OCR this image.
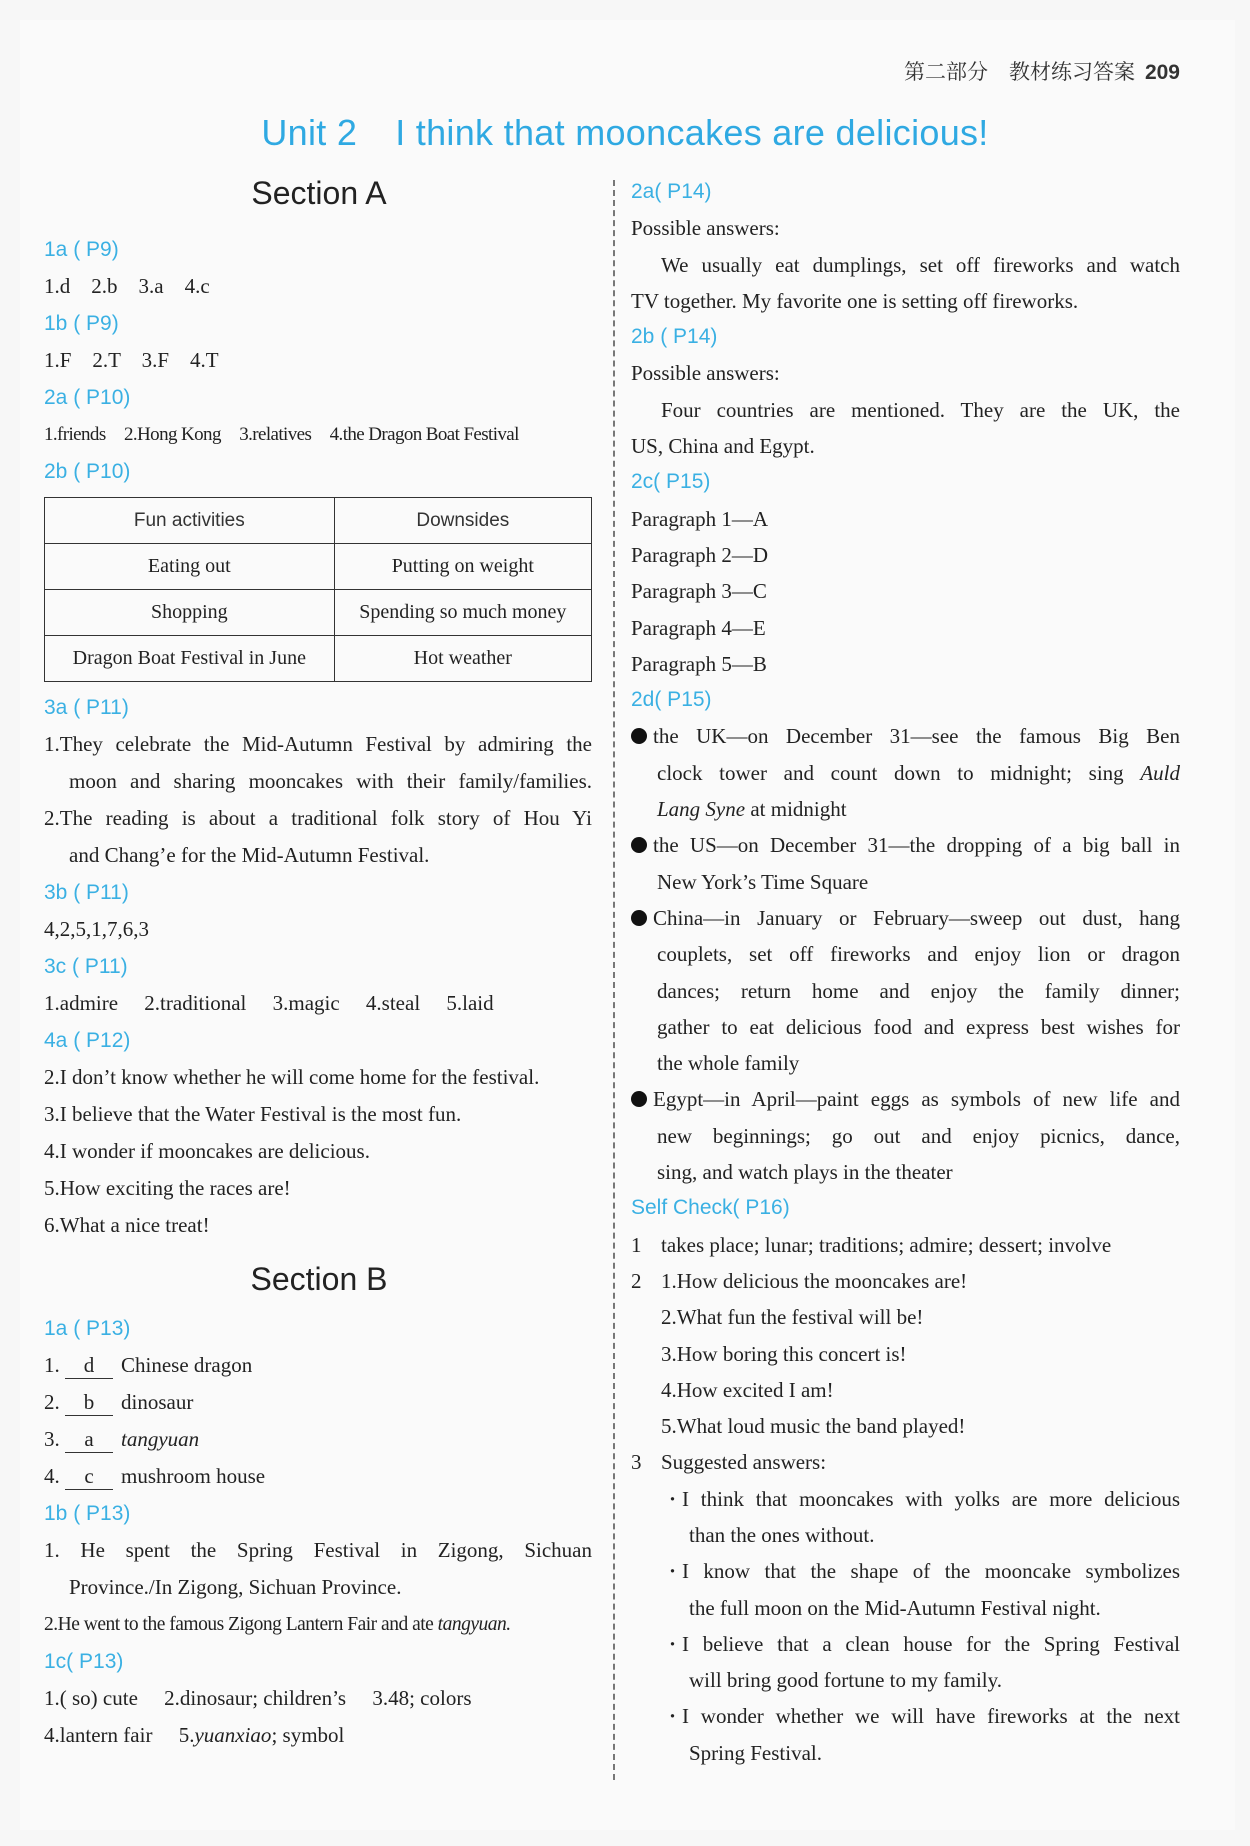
第二部分　教材练习答案 209
Unit 2 I think that mooncakes are delicious!
Section A
1a ( P9)
1.d　2.b　3.a　4.c
1b ( P9)
1.F　2.T　3.F　4.T
2a ( P10)
1.friends　2.Hong Kong　3.relatives　4.the Dragon Boat Festival
2b ( P10)
Fun activities	Downsides
Eating out	Putting on weight
Shopping	Spending so much money
Dragon Boat Festival in June	Hot weather
3a ( P11)
1.They celebrate the Mid-Autumn Festival by admiring the
moon and sharing mooncakes with their family/families.
2.The reading is about a traditional folk story of Hou Yi
and Chang’e for the Mid-Autumn Festival.
3b ( P11)
4,2,5,1,7,6,3
3c ( P11)
1.admire　 2.traditional　 3.magic　 4.steal　 5.laid
4a ( P12)
2.I don’t know whether he will come home for the festival.
3.I believe that the Water Festival is the most fun.
4.I wonder if mooncakes are delicious.
5.How exciting the races are!
6.What a nice treat!
Section B
1a ( P13)
1. d Chinese dragon
2. b dinosaur
3. a tangyuan
4. c mushroom house
1b ( P13)
1. He spent the Spring Festival in Zigong, Sichuan
Province./In Zigong, Sichuan Province.
2.He went to the famous Zigong Lantern Fair and ate tangyuan.
1c( P13)
1.( so) cute　 2.dinosaur; children’s　 3.48; colors
4.lantern fair　 5.yuanxiao; symbol
2a( P14)
Possible answers:
We usually eat dumplings, set off fireworks and watch
TV together. My favorite one is setting off fireworks.
2b ( P14)
Possible answers:
Four countries are mentioned. They are the UK, the
US, China and Egypt.
2c( P15)
Paragraph 1—A
Paragraph 2—D
Paragraph 3—C
Paragraph 4—E
Paragraph 5—B
2d( P15)
the UK—on December 31—see the famous Big Ben
clock tower and count down to midnight; sing Auld
Lang Syne at midnight
the US—on December 31—the dropping of a big ball in
New York’s Time Square
China—in January or February—sweep out dust, hang
couplets, set off fireworks and enjoy lion or dragon
dances; return home and enjoy the family dinner;
gather to eat delicious food and express best wishes for
the whole family
Egypt—in April—paint eggs as symbols of new life and
new beginnings; go out and enjoy picnics, dance,
sing, and watch plays in the theater
Self Check( P16)
1 takes place; lunar; traditions; admire; dessert; involve
2 1.How delicious the mooncakes are!
2.What fun the festival will be!
3.How boring this concert is!
4.How excited I am!
5.What loud music the band played!
3 Suggested answers:
· I think that mooncakes with yolks are more delicious
than the ones without.
· I know that the shape of the mooncake symbolizes
the full moon on the Mid-Autumn Festival night.
· I believe that a clean house for the Spring Festival
will bring good fortune to my family.
· I wonder whether we will have fireworks at the next
Spring Festival.
